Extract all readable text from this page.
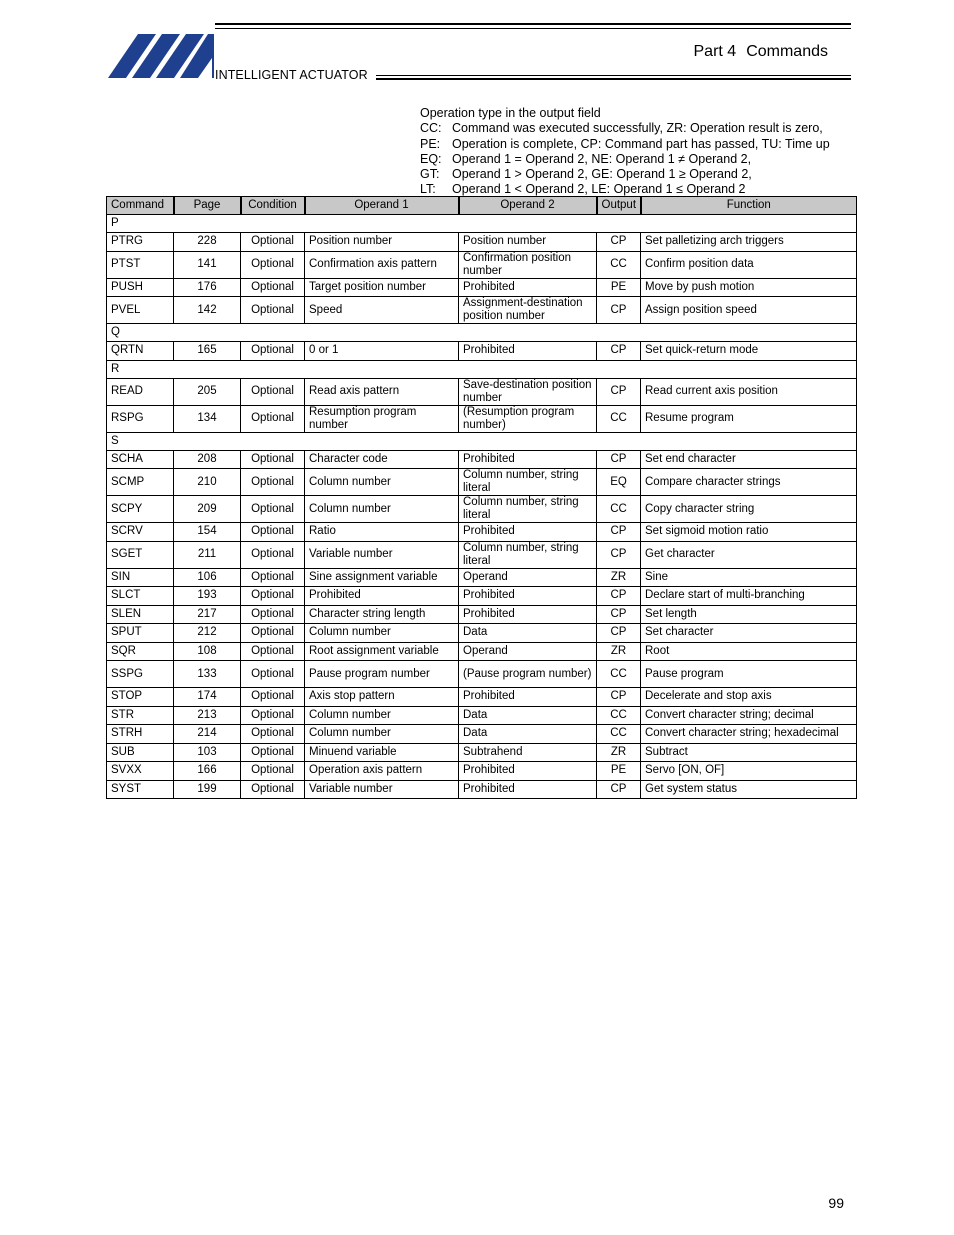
INTELLIGENT ACTUATOR
Part 4 Commands
Operation type in the output field
CC: Command was executed successfully, ZR: Operation result is zero,
PE: Operation is complete, CP: Command part has passed, TU: Time up
EQ: Operand 1 = Operand 2, NE: Operand 1 ≠ Operand 2,
GT:	Operand 1 > Operand 2, GE: Operand 1 ≥ Operand 2,
LT:	Operand 1 < Operand 2, LE: Operand 1 ≤ Operand 2
Command	Page	Condition	Operand 1	Operand 2	Output	Function
P						
PTRG	228	Optional	Position number	Position number	CP	Set palletizing arch triggers
PTST	141	Optional	Confirmation axis pattern	Confirmation position number	CC	Confirm position data
PUSH	176	Optional	Target position number	Prohibited	PE	Move by push motion
PVEL	142	Optional	Speed	Assignment-destination position number	CP	Assign position speed
Q						
QRTN	165	Optional	0 or 1	Prohibited	CP	Set quick-return mode
R						
READ	205	Optional	Read axis pattern	Save-destination position number	CP	Read current axis position
RSPG	134	Optional	Resumption program number	(Resumption program number)	CC	Resume program
S						
SCHA	208	Optional	Character code	Prohibited	CP	Set end character
SCMP	210	Optional	Column number	Column number, string literal	EQ	Compare character strings
SCPY	209	Optional	Column number	Column number, string literal	CC	Copy character string
SCRV	154	Optional	Ratio	Prohibited	CP	Set sigmoid motion ratio
SGET	211	Optional	Variable number	Column number, string literal	CP	Get character
SIN	106	Optional	Sine assignment variable	Operand	ZR	Sine
SLCT	193	Optional	Prohibited	Prohibited	CP	Declare start of multi-branching
SLEN	217	Optional	Character string length	Prohibited	CP	Set length
SPUT	212	Optional	Column number	Data	CP	Set character
SQR	108	Optional	Root assignment variable	Operand	ZR	Root
SSPG	133	Optional	Pause program number	(Pause program number)	CC	Pause program
STOP	174	Optional	Axis stop pattern	Prohibited	CP	Decelerate and stop axis
STR	213	Optional	Column number	Data	CC	Convert character string; decimal
STRH	214	Optional	Column number	Data	CC	Convert character string; hexadecimal
SUB	103	Optional	Minuend variable	Subtrahend	ZR	Subtract
SVXX	166	Optional	Operation axis pattern	Prohibited	PE	Servo [ON, OF]
SYST	199	Optional	Variable number	Prohibited	CP	Get system status
99
